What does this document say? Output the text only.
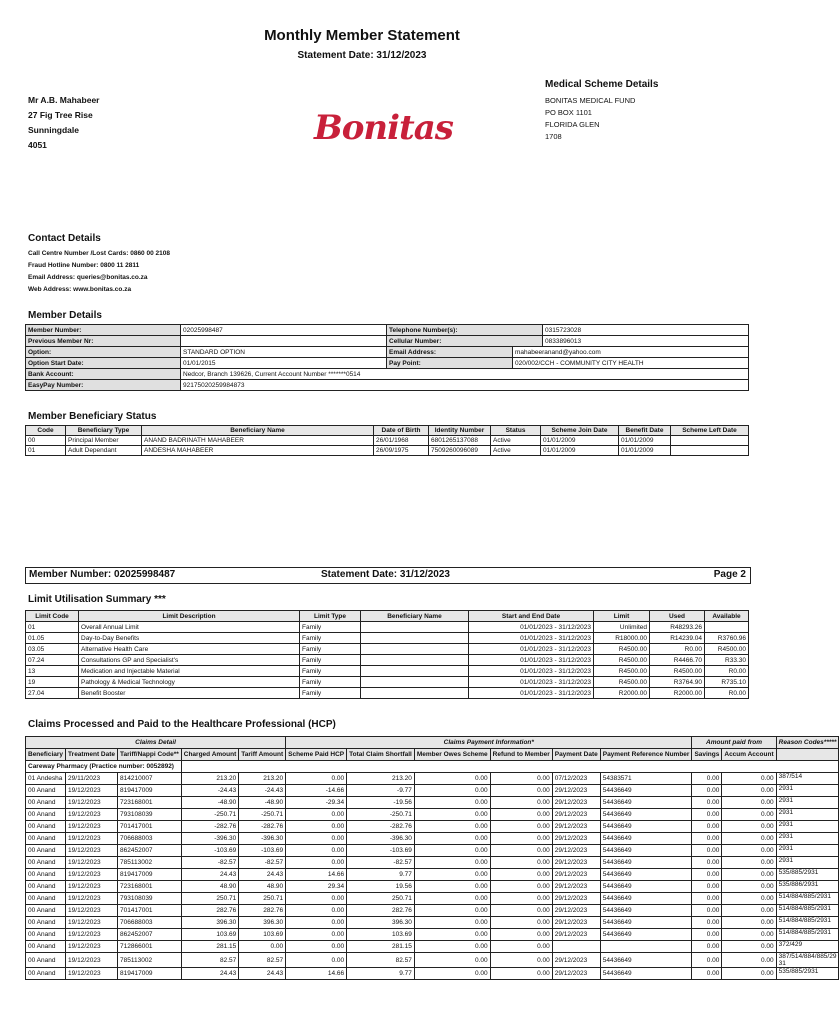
Monthly Member Statement
Statement Date: 31/12/2023
Mr A.B. Mahabeer
27 Fig Tree Rise
Sunningdale
4051	Bonitas
Medical Scheme Details
BONITAS MEDICAL FUND
PO BOX 1101
FLORIDA GLEN
1708
Contact Details
Call Centre Number /Lost Cards: 0860 00 2108
Fraud Hotline Number: 0800 11 2811
Email Address: queries@bonitas.co.za
Web Address: www.bonitas.co.za
Member Details
Member Number:	02025998487	Telephone Number(s):		0315723028
Previous Member Nr:		Cellular Number:		0833896013
Option:	STANDARD OPTION	Email Address:	mahabeeranand@yahoo.com	
Option Start Date:	01/01/2015	Pay Point:	020/002/CCH - COMMUNITY CITY HEALTH	
Bank Account:	Nedcor, Branch 139626, Current Account Number *******0514			
EasyPay Number:	92175020259984873			
Member Beneficiary Status
Code	Beneficiary Type	Beneficiary Name	Date of Birth	Identity Number	Status	Scheme Join Date	Benefit Date	Scheme Left Date
00	Principal Member	ANAND BADRINATH MAHABEER	26/01/1968	6801265137088	Active	01/01/2009	01/01/2009	
01	Adult Dependant	ANDESHA MAHABEER	26/09/1975	7509260096089	Active	01/01/2009	01/01/2009	
Member Number: 02025998487	Statement Date: 31/12/2023	Page 2
Limit Utilisation Summary ***
Limit Code	Limit Description	Limit Type	Beneficiary Name	Start and End Date	Limit	Used	Available
01	Overall Annual Limit	Family		01/01/2023 - 31/12/2023	Unlimited	R48293.26	
01.05	Day-to-Day Benefits	Family		01/01/2023 - 31/12/2023	R18000.00	R14239.04	R3760.96
03.05	Alternative Health Care	Family		01/01/2023 - 31/12/2023	R4500.00	R0.00	R4500.00
07.24	Consultations GP and Specialist's	Family		01/01/2023 - 31/12/2023	R4500.00	R4466.70	R33.30
13	Medication and Injectable Material	Family		01/01/2023 - 31/12/2023	R4500.00	R4500.00	R0.00
19	Pathology & Medical Technology	Family		01/01/2023 - 31/12/2023	R4500.00	R3764.90	R735.10
27.04	Benefit Booster	Family		01/01/2023 - 31/12/2023	R2000.00	R2000.00	R0.00
Claims Processed and Paid to the Healthcare Professional (HCP)
Claims Detail					Claims Payment Information*						Amount paid from		Reason Codes*****
Beneficiary	Treatment Date	Tariff/Nappi Code**	Charged Amount	Tariff Amount	Scheme Paid HCP	Total Claim Shortfall	Member Owes Scheme	Refund to Member	Payment Date	Payment Reference Number	Savings	Accum Account	
Careway Pharmacy (Practice number: 0052892)													
01 Andesha	29/11/2023	814210007	213.20	213.20	0.00	213.20	0.00	0.00	07/12/2023	54383571	0.00	0.00	387/514
00 Anand	19/12/2023	819417009	-24.43	-24.43	-14.66	-9.77	0.00	0.00	29/12/2023	54436649	0.00	0.00	2931
00 Anand	19/12/2023	723168001	-48.90	-48.90	-29.34	-19.56	0.00	0.00	29/12/2023	54436649	0.00	0.00	2931
00 Anand	19/12/2023	793108039	-250.71	-250.71	0.00	-250.71	0.00	0.00	29/12/2023	54436649	0.00	0.00	2931
00 Anand	19/12/2023	701417001	-282.76	-282.76	0.00	-282.76	0.00	0.00	29/12/2023	54436649	0.00	0.00	2931
00 Anand	19/12/2023	706688003	-396.30	-396.30	0.00	-396.30	0.00	0.00	29/12/2023	54436649	0.00	0.00	2931
00 Anand	19/12/2023	862452007	-103.69	-103.69	0.00	-103.69	0.00	0.00	29/12/2023	54436649	0.00	0.00	2931
00 Anand	19/12/2023	785113002	-82.57	-82.57	0.00	-82.57	0.00	0.00	29/12/2023	54436649	0.00	0.00	2931
00 Anand	19/12/2023	819417009	24.43	24.43	14.66	9.77	0.00	0.00	29/12/2023	54436649	0.00	0.00	535/885/2931
00 Anand	19/12/2023	723168001	48.90	48.90	29.34	19.56	0.00	0.00	29/12/2023	54436649	0.00	0.00	535/886/2931
00 Anand	19/12/2023	793108039	250.71	250.71	0.00	250.71	0.00	0.00	29/12/2023	54436649	0.00	0.00	514/884/885/2931
00 Anand	19/12/2023	701417001	282.76	282.76	0.00	282.76	0.00	0.00	29/12/2023	54436649	0.00	0.00	514/884/885/2931
00 Anand	19/12/2023	706688003	396.30	396.30	0.00	396.30	0.00	0.00	29/12/2023	54436649	0.00	0.00	514/884/885/2931
00 Anand	19/12/2023	862452007	103.69	103.69	0.00	103.69	0.00	0.00	29/12/2023	54436649	0.00	0.00	514/884/885/2931
00 Anand	19/12/2023	712866001	281.15	0.00	0.00	281.15	0.00	0.00			0.00	0.00	372/429
00 Anand	19/12/2023	785113002	82.57	82.57	0.00	82.57	0.00	0.00	29/12/2023	54436649	0.00	0.00	387/514/884/885/29 31
00 Anand	19/12/2023	819417009	24.43	24.43	14.66	9.77	0.00	0.00	29/12/2023	54436649	0.00	0.00	535/885/2931
